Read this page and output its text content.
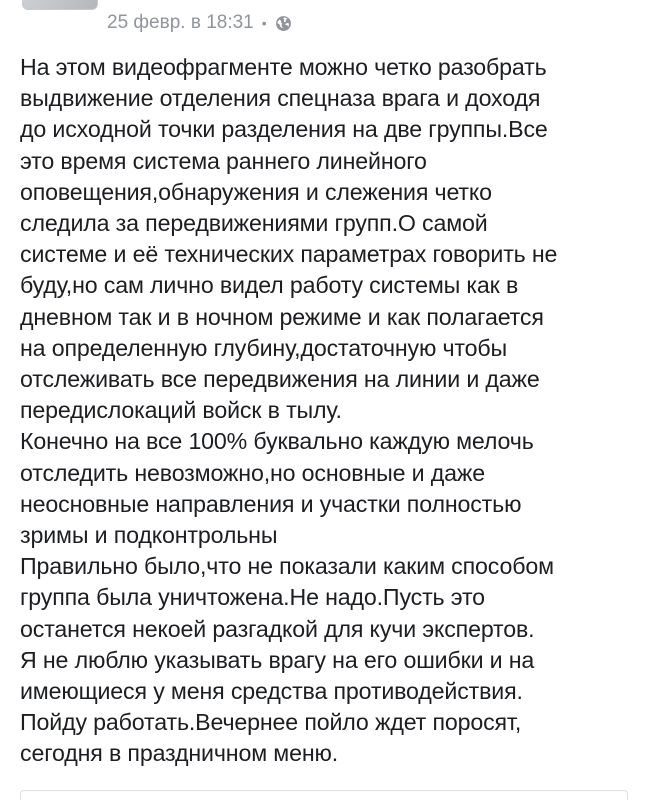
25 февр. в 18:31 •
На этом видеофрагменте можно четко разобрать
выдвижение отделения спецназа врага и доходя
до исходной точки разделения на две группы.Все
это время система раннего линейного
оповещения,обнаружения и слежения четко
следила за передвижениями групп.О самой
системе и её технических параметрах говорить не
буду,но сам лично видел работу системы как в
дневном так и в ночном режиме и как полагается
на определенную глубину,достаточную чтобы
отслеживать все передвижения на линии и даже
передислокаций войск в тылу.
Конечно на все 100% буквально каждую мелочь
отследить невозможно,но основные и даже
неосновные направления и участки полностью
зримы и подконтрольны
Правильно было,что не показали каким способом
группа была уничтожена.Не надо.Пусть это
останется некоей разгадкой для кучи экспертов.
Я не люблю указывать врагу на его ошибки и на
имеющиеся у меня средства противодействия.
Пойду работать.Вечернее пойло ждет поросят,
сегодня в праздничном меню.
